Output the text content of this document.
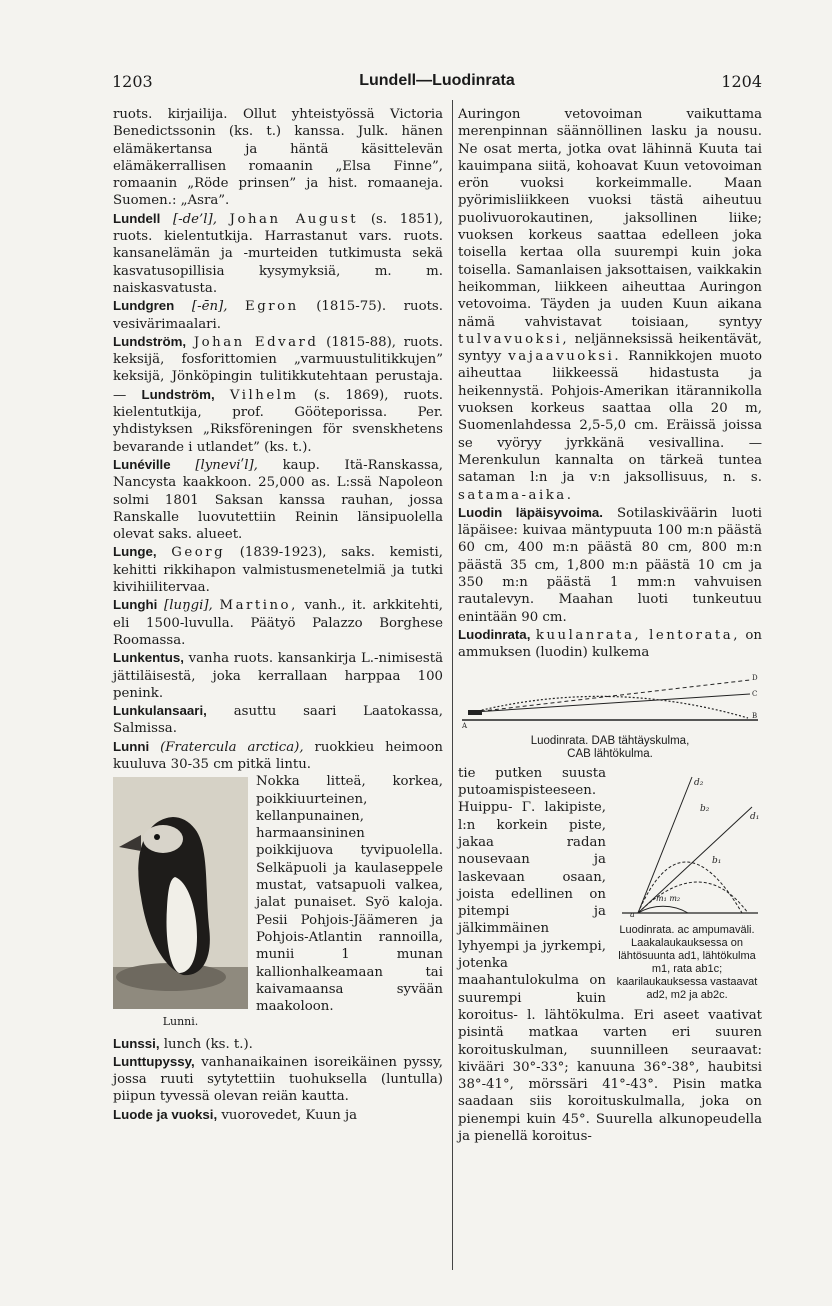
1203	Lundell—Luodinrata	1204

ruots. kirjailija. Ollut yhteistyössä Victoria Benedictssonin (ks. t.) kanssa. Julk. hänen elämäkertansa ja häntä käsittelevän elämäkerrallisen romaanin „Elsa Finne”, romaanin „Röde prinsen” ja hist. romaaneja. Suomen.: „Asra”.

Lundell [-de’l], Johan August (s. 1851), ruots. kielentutkija. Harrastanut vars. ruots. kansanelämän ja -murteiden tutkimusta sekä kasvatusopillisia kysymyksiä, m. m. naiskasvatusta.

Lundgren [-ēn], Egron (1815-75). ruots. vesivärimaalari.

Lundström, Johan Edvard (1815-88), ruots. keksijä, fosforittomien „varmuustulitikkujen” keksijä, Jönköpingin tulitikkutehtaan perustaja. — Lundström, Vilhelm (s. 1869), ruots. kielentutkija, prof. Gööteporissa. Per. yhdistyksen „Riksföreningen för svenskhetens bevarande i utlandet” (ks. t.).

Lunéville [lyneviʹl], kaup. Itä-Ranskassa, Nancysta kaakkoon. 25,000 as. L:ssä Napoleon solmi 1801 Saksan kanssa rauhan, jossa Ranskalle luovutettiin Reinin länsipuolella olevat saks. alueet.

Lunge, Georg (1839-1923), saks. kemisti, kehitti rikkihapon valmistusmenetelmiä ja tutki kivihiilitervaa.

Lunghi [luŋgi], Martino, vanh., it. arkkitehti, eli 1500-luvulla. Päätyö Palazzo Borghese Roomassa.

Lunkentus, vanha ruots. kansankirja L.-nimisestä jättiläisestä, joka kerrallaan harppaa 100 penink.

Lunkulansaari, asuttu saari Laatokassa, Salmissa.

Lunni (Fratercula arctica), ruokkieu heimoon kuuluva 30-35 cm pitkä lintu.

Lunni.

Nokka litteä, korkea, poikkiuurteinen, kellanpunainen, harmaansininen poikkijuova tyvipuolella. Selkäpuoli ja kaulaseppele mustat, vatsapuoli valkea, jalat punaiset. Syö kaloja. Pesii Pohjois-Jäämeren ja Pohjois-Atlantin rannoilla, munii 1 munan kallionhalkeamaan tai kaivamaansa syvään maakoloon.

Lunssi, lunch (ks. t.).

Lunttupyssy, vanhanaikainen isoreikäinen pyssy, jossa ruuti sytytettiin tuohuksella (luntulla) piipun tyvessä olevan reiän kautta.

Luode ja vuoksi, vuorovedet, Kuun ja

Auringon vetovoiman vaikuttama merenpinnan säännöllinen lasku ja nousu. Ne osat merta, jotka ovat lähinnä Kuuta tai kauimpana siitä, kohoavat Kuun vetovoiman erön vuoksi korkeimmalle. Maan pyörimisliikkeen vuoksi tästä aiheutuu puolivuorokautinen, jaksollinen liike; vuoksen korkeus saattaa edelleen joka toisella kertaa olla suurempi kuin joka toisella. Samanlaisen jaksottaisen, vaikkakin heikomman, liikkeen aiheuttaa Auringon vetovoima. Täyden ja uuden Kuun aikana nämä vahvistavat toisiaan, syntyy tulvavuoksi, neljänneksissä heikentävät, syntyy vajaavuoksi. Rannikkojen muoto aiheuttaa liikkeessä hidastusta ja heikennystä. Pohjois-Amerikan itärannikolla vuoksen korkeus saattaa olla 20 m, Suomenlahdessa 2,5-5,0 cm. Eräissä joissa se vyöryy jyrkkänä vesivallina. — Merenkulun kannalta on tärkeä tuntea sataman l:n ja v:n jaksollisuus, n. s. satama-aika.

Luodin läpäisyvoima. Sotilaskiväärin luoti läpäisee: kuivaa mäntypuuta 100 m:n päästä 60 cm, 400 m:n päästä 80 cm, 800 m:n päästä 35 cm, 1,800 m:n päästä 10 cm ja 350 m:n päästä 1 mm:n vahvuisen rautalevyn. Maahan luoti tunkeutuu enintään 90 cm.

Luodinrata, kuulanrata, lentorata, on ammuksen (luodin) kulkema

A
D
C
B
Luodinrata. DAB tähtäyskulma,
CAB lähtökulma.
d₂
d₁
b₂
b₁
m₁ m₂
a
Luodinrata. ac ampumaväli. Laakalaukauksessa on lähtösuunta ad1, lähtökulma m1, rata ab1c; kaarilaukauksessa vastaavat ad2, m2 ja ab2c.

tie putken suusta putoamispisteeseen. Huippu- Γ. lakipiste, l:n korkein piste, jakaa radan nousevaan ja laskevaan osaan, joista edellinen on pitempi ja jälkimmäinen lyhyempi ja jyrkempi, jotenka maahantulokulma on suurempi kuin koroitus- l. lähtökulma. Eri aseet vaativat pisintä matkaa varten eri suuren koroituskulman, suunnilleen seuraavat: kivääri 30°-33°; kanuuna 36°-38°, haubitsi 38°-41°, mörssäri 41°-43°. Pisin matka saadaan siis koroituskulmalla, joka on pienempi kuin 45°. Suurella alkunopeudella ja pienellä koroitus-
